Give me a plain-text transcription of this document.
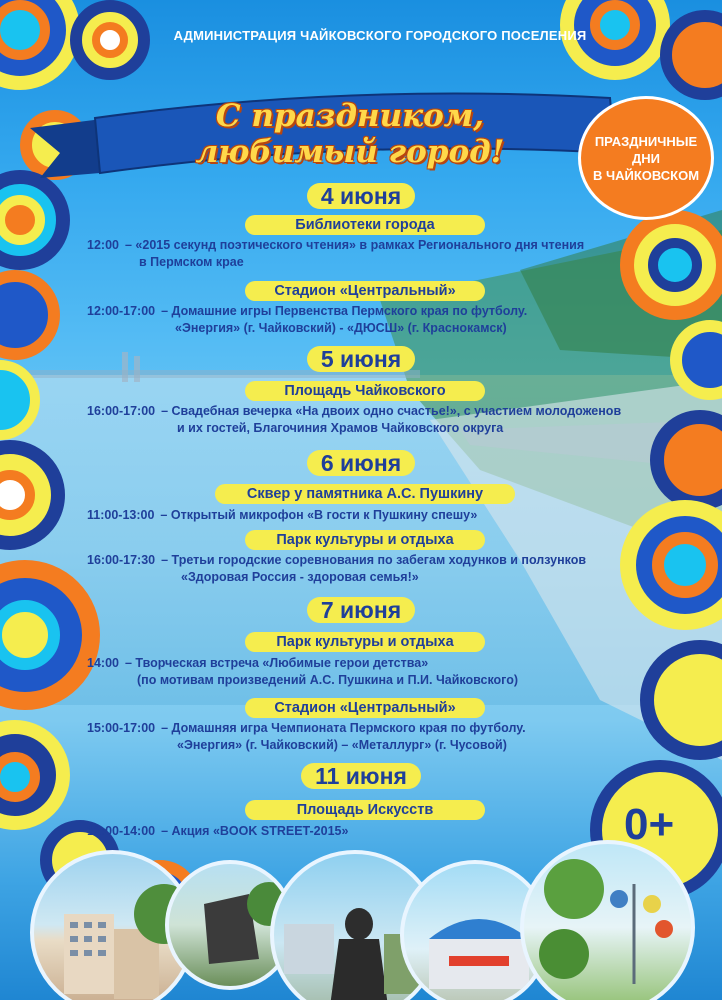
АДМИНИСТРАЦИЯ ЧАЙКОВСКОГО ГОРОДСКОГО ПОСЕЛЕНИЯ
С праздником, любимый город!	ПРАЗДНИЧНЫЕ
ДНИ
В ЧАЙКОВСКОМ
4 июня
Библиотеки города
12:00 – «2015 секунд поэтического чтения» в рамках Регионального дня чтения
в Пермском крае
Стадион «Центральный»
12:00-17:00 – Домашние игры Первенства Пермского края по футболу.
«Энергия» (г. Чайковский) - «ДЮСШ» (г. Краснокамск)
5 июня
Площадь Чайковского
16:00-17:00 – Свадебная вечерка «На двоих одно счастье!», с участием молодоженов
и их гостей, Благочиния Храмов Чайковского округа
6 июня
Сквер у памятника А.С. Пушкину
11:00-13:00 – Открытый микрофон «В гости к Пушкину спешу»
Парк культуры и отдыха
16:00-17:30 – Третьи городские соревнования по забегам ходунков и ползунков
«Здоровая Россия - здоровая семья!»
7 июня
Парк культуры и отдыха
14:00 – Творческая встреча «Любимые герои детства»
(по мотивам произведений А.С. Пушкина и П.И. Чайковского)
Стадион «Центральный»
15:00-17:00 – Домашняя игра Чемпионата Пермского края по футболу.
«Энергия» (г. Чайковский) – «Металлург» (г. Чусовой)
11 июня
Площадь Искусств
12:00-14:00 – Акция «BOOK STREET-2015»	0+
